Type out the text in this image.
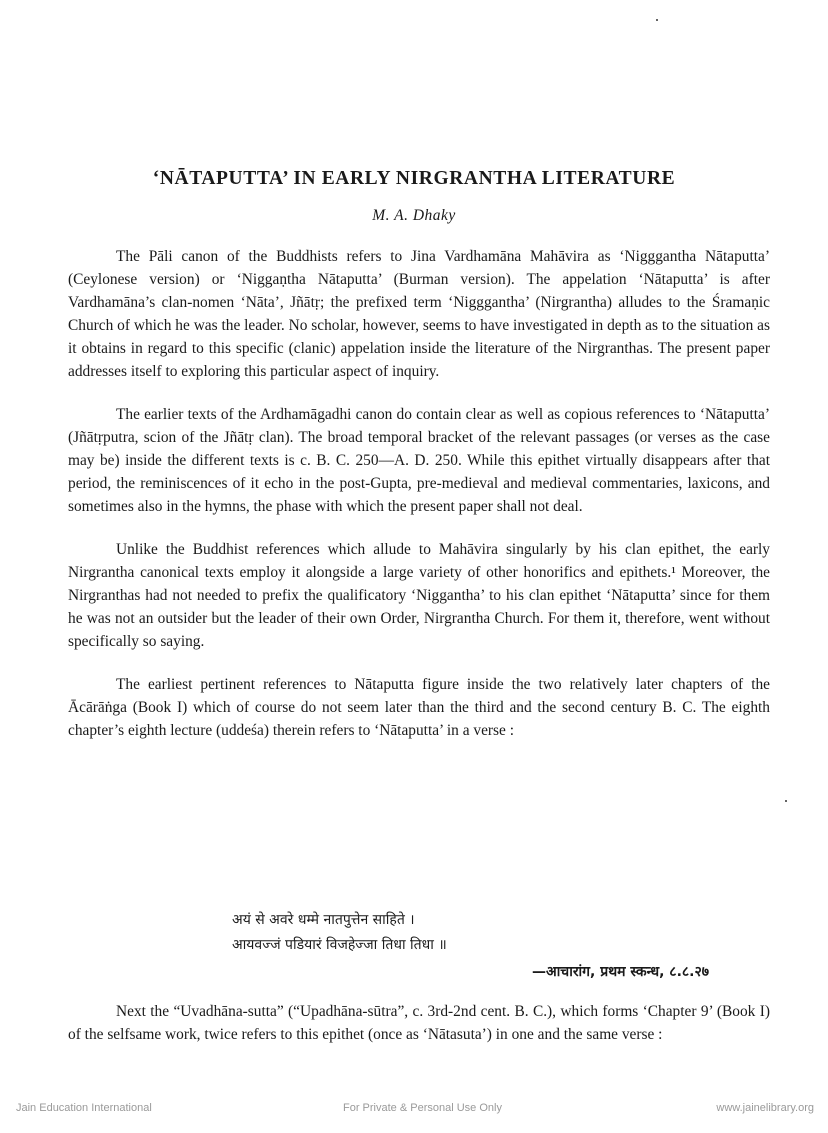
‘NĀTAPUTTA’ IN EARLY NIRGRANTHA LITERATURE
M. A. Dhaky

The Pāli canon of the Buddhists refers to Jina Vardhamāna Mahāvira as ‘Nigggantha Nātaputta’ (Ceylonese version) or ‘Niggaṇtha Nātaputta’ (Burman version). The appelation ‘Nātaputta’ is after Vardhamāna’s clan-nomen ‘Nāta’, Jñātṛ; the prefixed term ‘Nigggantha’ (Nirgrantha) alludes to the Śramaṇic Church of which he was the leader. No scholar, however, seems to have investigated in depth as to the situation as it obtains in regard to this specific (clanic) appelation inside the literature of the Nirgranthas. The present paper addresses itself to exploring this particular aspect of inquiry.

The earlier texts of the Ardhamāgadhi canon do contain clear as well as copious references to ‘Nātaputta’ (Jñātṛputra, scion of the Jñātṛ clan). The broad temporal bracket of the relevant passages (or verses as the case may be) inside the different texts is c. B. C. 250—A. D. 250. While this epithet virtually disappears after that period, the reminiscences of it echo in the post-Gupta, pre-medieval and medieval commentaries, laxicons, and sometimes also in the hymns, the phase with which the present paper shall not deal.

Unlike the Buddhist references which allude to Mahāvira singularly by his clan epithet, the early Nirgrantha canonical texts employ it alongside a large variety of other honorifics and epithets.¹ Moreover, the Nirgranthas had not needed to prefix the qualificatory ‘Niggantha’ to his clan epithet ‘Nātaputta’ since for them he was not an outsider but the leader of their own Order, Nirgrantha Church. For them it, therefore, went without specifically so saying.

The earliest pertinent references to Nātaputta figure inside the two relatively later chapters of the Ācārāṅga (Book I) which of course do not seem later than the third and the second century B. C. The eighth chapter’s eighth lecture (uddeśa) therein refers to ‘Nātaputta’ in a verse :

अयं से अवरे धम्मे नातपुत्तेन साहिते ।
आयवज्जं पडियारं विजहेज्जा तिधा तिधा ॥
—आचारांग, प्रथम स्कन्ध, ८.८.२७

Next the “Uvadhāna-sutta” (“Upadhāna-sūtra”, c. 3rd-2nd cent. B. C.), which forms ‘Chapter 9’ (Book I) of the selfsame work, twice refers to this epithet (once as ‘Nātasuta’) in one and the same verse :

Jain Education International	For Private & Personal Use Only	www.jainelibrary.org
